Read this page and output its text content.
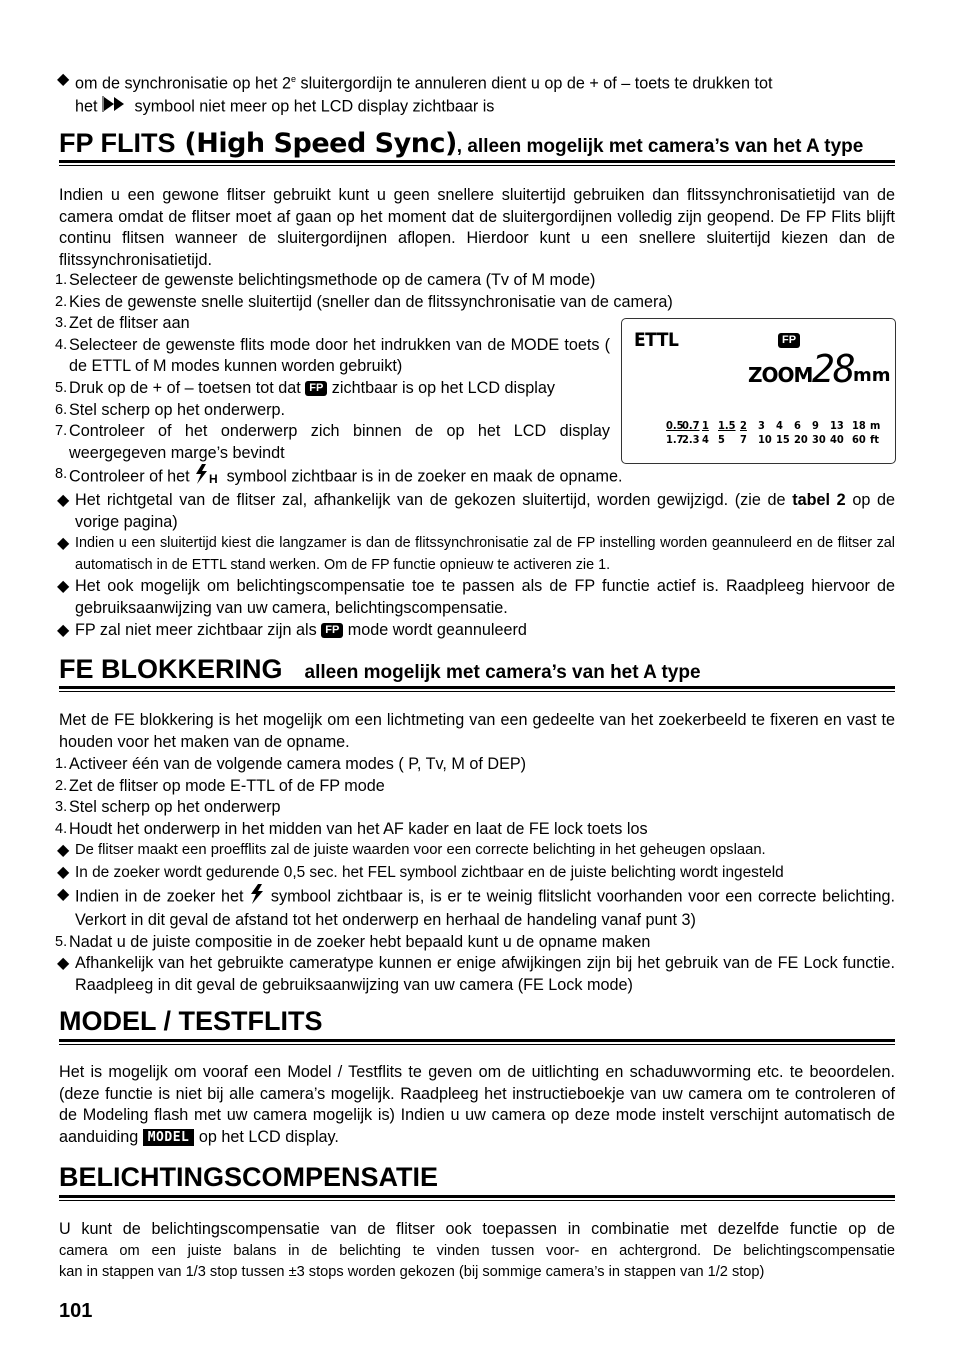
◆ om de synchronisatie op het 2e sluitergordijn te annuleren dient u op de + of – toets te drukken tot
het symbool niet meer op het LCD display zichtbaar is
FP FLITS (High Speed Sync), alleen mogelijk met camera’s van het A type

Indien u een gewone flitser gebruikt kunt u geen snellere sluitertijd gebruiken dan flitssynchronisatietijd van de camera omdat de flitser moet af gaan op het moment dat de sluitergordijnen volledig zijn geopend. De FP Flits blijft continu flitsen wanneer de sluitergordijnen aflopen. Hierdoor kunt u een snellere sluitertijd kiezen dan de flitssynchronisatietijd.

1. Selecteer de gewenste belichtingsmethode op de camera (Tv of M mode)
2. Kies de gewenste snelle sluitertijd (sneller dan de flitssynchronisatie van de camera)
3. Zet de flitser aan
4. Selecteer de gewenste flits mode door het indrukken van de MODE toets ( de ETTL of M modes kunnen worden gebruikt)
5. Druk op de + of – toetsen tot dat FP zichtbaar is op het LCD display
6. Stel scherp op het onderwerp.
7. Controleer of het onderwerp zich binnen de op het LCD display weergegeven marge’s bevindt
8. Controleer of het H symbool zichtbaar is in de zoeker en maak de opname.
ETTL	FP
ZOOM 28 mm
0.5
0.7 1 1.5 2	3	4	6	9	13 18 m
1.7
2.3 4 5	7	10 15 20 30 40 60 ft
◆ Het richtgetal van de flitser zal, afhankelijk van de gekozen sluitertijd, worden gewijzigd. (zie de tabel 2 op de vorige pagina)
◆ Indien u een sluitertijd kiest die langzamer is dan de flitssynchronisatie zal de FP instelling worden geannuleerd en de flitser zal automatisch in de ETTL stand werken. Om de FP functie opnieuw te activeren zie 1.
◆ Het ook mogelijk om belichtingscompensatie toe te passen als de FP functie actief is. Raadpleeg hiervoor de gebruiksaanwijzing van uw camera, belichtingscompensatie.
◆ FP zal niet meer zichtbaar zijn als FP mode wordt geannuleerd
FE BLOKKERING alleen mogelijk met camera’s van het A type

Met de FE blokkering is het mogelijk om een lichtmeting van een gedeelte van het zoekerbeeld te fixeren en vast te houden voor het maken van de opname.

1. Activeer één van de volgende camera modes ( P, Tv, M of DEP)
2. Zet de flitser op mode E-TTL of de FP mode
3. Stel scherp op het onderwerp
4. Houdt het onderwerp in het midden van het AF kader en laat de FE lock toets los
◆ De flitser maakt een proefflits zal de juiste waarden voor een correcte belichting in het geheugen opslaan.
◆ In de zoeker wordt gedurende 0,5 sec. het FEL symbool zichtbaar en de juiste belichting wordt ingesteld
◆ Indien in de zoeker het symbool zichtbaar is, is er te weinig flitslicht voorhanden voor een correcte belichting. Verkort in dit geval de afstand tot het onderwerp en herhaal de handeling vanaf punt 3)
5. Nadat u de juiste compositie in de zoeker hebt bepaald kunt u de opname maken
◆ Afhankelijk van het gebruikte cameratype kunnen er enige afwijkingen zijn bij het gebruik van de FE Lock functie. Raadpleeg in dit geval de gebruiksaanwijzing van uw camera (FE Lock mode)
MODEL / TESTFLITS

Het is mogelijk om vooraf een Model / Testflits te geven om de uitlichting en schaduwvorming etc. te beoordelen. (deze functie is niet bij alle camera’s mogelijk. Raadpleeg het instructieboekje van uw camera om te controleren of de Modeling flash met uw camera mogelijk is) Indien u uw camera op deze mode instelt verschijnt automatisch de aanduiding MODEL op het LCD display.

BELICHTINGSCOMPENSATIE
U kunt de belichtingscompensatie van de flitser ook toepassen in combinatie met dezelfde functie op de
camera om een juiste balans in de belichting te vinden tussen voor- en achtergrond. De belichtingscompensatie
kan in stappen van 1/3 stop tussen ±3 stops worden gekozen (bij sommige camera’s in stappen van 1/2 stop)
101
